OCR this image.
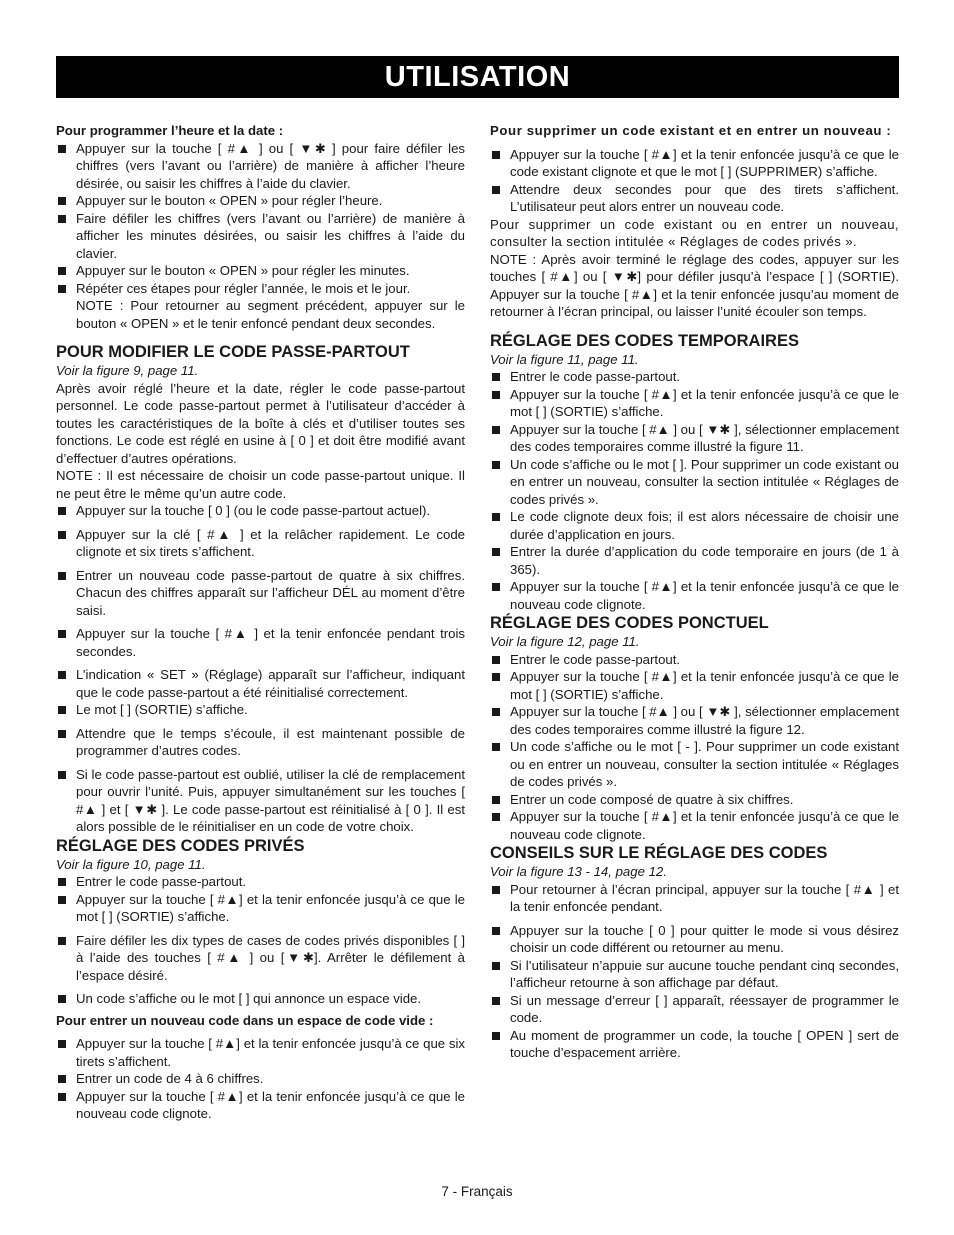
UTILISATION

Pour programmer l’heure et la date :

Appuyer sur la touche [ #▲ ] ou [ ▼✱ ] pour faire défiler les chiffres (vers l’avant ou l’arrière) de manière à afficher l’heure désirée, ou saisir les chiffres à l’aide du clavier.
Appuyer sur le bouton « OPEN » pour régler l’heure.
Faire défiler les chiffres (vers l’avant ou l’arrière) de manière à afficher les minutes désirées, ou saisir les chiffres à l’aide du clavier.
Appuyer sur le bouton « OPEN » pour régler les minutes.
Répéter ces étapes pour régler l’année, le mois et le jour.

NOTE : Pour retourner au segment précédent, appuyer sur le bouton « OPEN » et le tenir enfoncé pendant deux secondes.

POUR MODIFIER LE CODE PASSE-PARTOUT

Voir la figure 9, page 11.

Après avoir réglé l’heure et la date, régler le code passe-partout personnel. Le code passe-partout permet à l’utilisateur d’accéder à toutes les caractéristiques de la boîte à clés et d’utiliser toutes ses fonctions. Le code est réglé en usine à [ 0 ] et doit être modifié avant d’effectuer d’autres opérations.

NOTE : Il est nécessaire de choisir un code passe-partout unique. Il ne peut être le même qu’un autre code.

Appuyer sur la touche [ 0 ] (ou le code passe-partout actuel).
Appuyer sur la clé [ #▲ ] et la relâcher rapidement. Le code clignote et six tirets s’affichent.
Entrer un nouveau code passe-partout de quatre à six chiffres. Chacun des chiffres apparaît sur l’afficheur DÉL au moment d’être saisi.
Appuyer sur la touche [ #▲ ] et la tenir enfoncée pendant trois secondes.
L’indication « SET » (Réglage) apparaît sur l’afficheur, indiquant que le code passe-partout a été réinitialisé correctement.
Le mot [ ] (SORTIE) s’affiche.
Attendre que le temps s’écoule, il est maintenant possible de programmer d’autres codes.
Si le code passe-partout est oublié, utiliser la clé de remplacement pour ouvrir l’unité. Puis, appuyer simultanément sur les touches [ #▲ ] et [ ▼✱ ]. Le code passe-partout est réinitialisé à [ 0 ]. Il est alors possible de le réinitialiser en un code de votre choix.

RÉGLAGE DES CODES PRIVÉS

Voir la figure 10, page 11.

Entrer le code passe-partout.
Appuyer sur la touche [ #▲] et la tenir enfoncée jusqu’à ce que le mot [ ] (SORTIE) s’affiche.
Faire défiler les dix types de cases de codes privés disponibles [ ] à l’aide des touches [ #▲ ] ou [▼✱]. Arrêter le défilement à l’espace désiré.
Un code s’affiche ou le mot [ ] qui annonce un espace vide.

Pour entrer un nouveau code dans un espace de code vide :

Appuyer sur la touche [ #▲] et la tenir enfoncée jusqu’à ce que six tirets s’affichent.
Entrer un code de 4 à 6 chiffres.
Appuyer sur la touche [ #▲] et la tenir enfoncée jusqu’à ce que le nouveau code clignote.

Pour supprimer un code existant et en entrer un nouveau :

Appuyer sur la touche [ #▲] et la tenir enfoncée jusqu’à ce que le code existant clignote et que le mot [ ] (SUPPRIMER) s’affiche.
Attendre deux secondes pour que des tirets s’affichent. L’utilisateur peut alors entrer un nouveau code.

Pour supprimer un code existant ou en entrer un nouveau, consulter la section intitulée « Réglages de codes privés ».

NOTE : Après avoir terminé le réglage des codes, appuyer sur les touches [ #▲] ou [ ▼✱] pour défiler jusqu’à l’espace [ ] (SORTIE). Appuyer sur la touche [ #▲] et la tenir enfoncée jusqu’au moment de retourner à l’écran principal, ou laisser l’unité écouler son temps.

RÉGLAGE DES CODES TEMPORAIRES

Voir la figure 11, page 11.

Entrer le code passe-partout.
Appuyer sur la touche [ #▲] et la tenir enfoncée jusqu’à ce que le mot [ ] (SORTIE) s’affiche.
Appuyer sur la touche [ #▲ ] ou [ ▼✱ ], sélectionner emplacement des codes temporaires comme illustré la figure 11.
Un code s’affiche ou le mot [ ]. Pour supprimer un code existant ou en entrer un nouveau, consulter la section intitulée « Réglages de codes privés ».
Le code clignote deux fois; il est alors nécessaire de choisir une durée d’application en jours.
Entrer la durée d’application du code temporaire en jours (de 1 à 365).
Appuyer sur la touche [ #▲] et la tenir enfoncée jusqu’à ce que le nouveau code clignote.

RÉGLAGE DES CODES PONCTUEL

Voir la figure 12, page 11.

Entrer le code passe-partout.
Appuyer sur la touche [ #▲] et la tenir enfoncée jusqu’à ce que le mot [ ] (SORTIE) s’affiche.
Appuyer sur la touche [ #▲ ] ou [ ▼✱ ], sélectionner emplacement des codes temporaires comme illustré la figure 12.
Un code s’affiche ou le mot [ - ]. Pour supprimer un code existant ou en entrer un nouveau, consulter la section intitulée « Réglages de codes privés ».
Entrer un code composé de quatre à six chiffres.
Appuyer sur la touche [ #▲] et la tenir enfoncée jusqu’à ce que le nouveau code clignote.

CONSEILS SUR LE RÉGLAGE DES CODES

Voir la figure 13 - 14, page 12.

Pour retourner à l’écran principal, appuyer sur la touche [ #▲ ] et la tenir enfoncée pendant.
Appuyer sur la touche [ 0 ] pour quitter le mode si vous désirez choisir un code différent ou retourner au menu.
Si l’utilisateur n’appuie sur aucune touche pendant cinq secondes, l’afficheur retourne à son affichage par défaut.
Si un message d’erreur [ ] apparaît, réessayer de programmer le code.
Au moment de programmer un code, la touche [ OPEN ] sert de touche d’espacement arrière.
7 - Français
